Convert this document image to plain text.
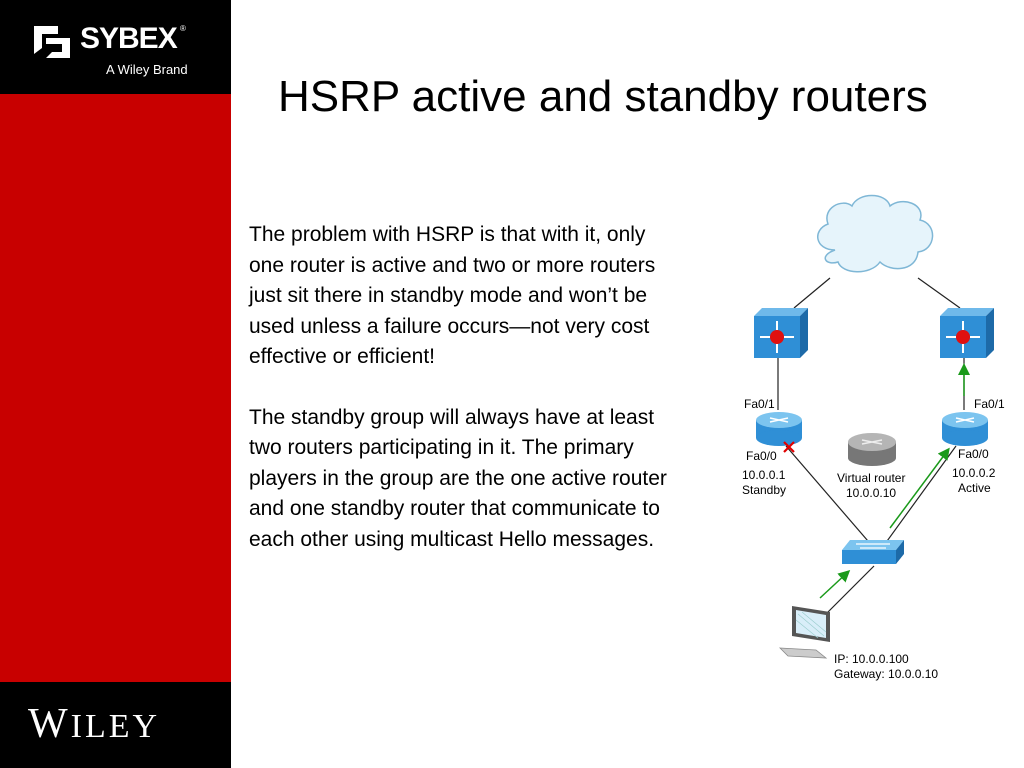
SYBEX ®
A Wiley Brand
WILEY
HSRP active and standby routers

The problem with HSRP is that with it, only one router is active and two or more routers just sit there in standby mode and won’t be used unless a failure occurs—not very cost effective or efficient!

The standby group will always have at least two routers participating in it. The primary players in the group are the one active router and one standby router that communicate to each other using multicast Hello messages.

Fa0/1
Fa0/0
10.0.0.1
Standby
Fa0/1
Fa0/0
10.0.0.2
Active
Virtual router
10.0.0.10
IP: 10.0.0.100
Gateway: 10.0.0.10
